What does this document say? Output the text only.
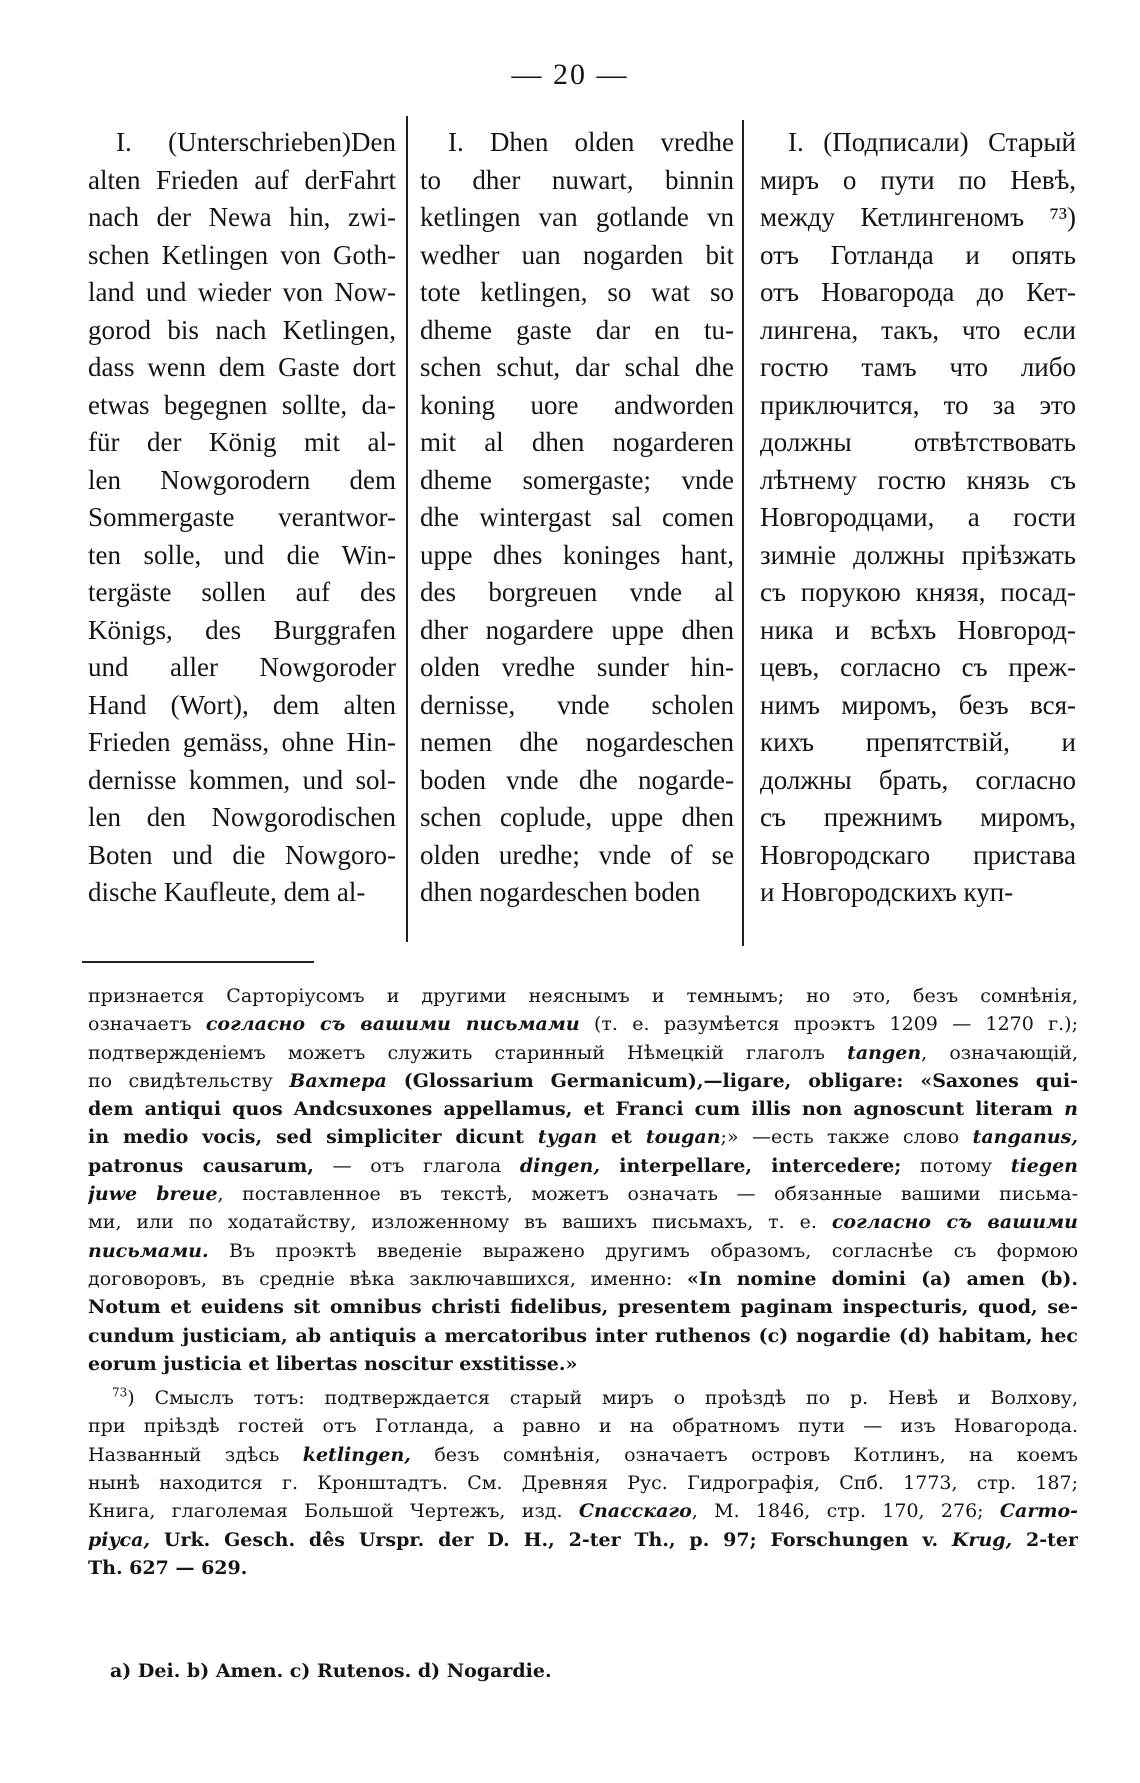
— 20 —
I. (Unterschrieben)Den
alten Frieden auf derFahrt
nach der Newa hin, zwi-
schen Ketlingen von Goth-
land und wieder von Now-
gorod bis nach Ketlingen,
dass wenn dem Gaste dort
etwas begegnen sollte, da-
für der König mit al-
len Nowgorodern dem
Sommergaste verantwor-
ten solle, und die Win-
tergäste sollen auf des
Königs, des Burggrafen
und aller Nowgoroder
Hand (Wort), dem alten
Frieden gemäss, ohne Hin-
dernisse kommen, und sol-
len den Nowgorodischen
Boten und die Nowgoro-
dische Kaufleute, dem al-
I. Dhen olden vredhe
to dher nuwart, binnin
ketlingen van gotlande vn
wedher uan nogarden bit
tote ketlingen, so wat so
dheme gaste dar en tu-
schen schut, dar schal dhe
koning uore andworden
mit al dhen nogarderen
dheme somergaste; vnde
dhe wintergast sal comen
uppe dhes koninges hant,
des borgreuen vnde al
dher nogardere uppe dhen
olden vredhe sunder hin-
dernisse, vnde scholen
nemen dhe nogardeschen
boden vnde dhe nogarde-
schen coplude, uppe dhen
olden uredhe; vnde of se
dhen nogardeschen boden
I. (Подписали) Старый
миръ о пути по Невѣ,
между Кетлингеномъ ⁷³)
отъ Готланда и опять
отъ Новагорода до Кет-
лингена, такъ, что если
гостю тамъ что либо
приключится, то за это
должны отвѣтствовать
лѣтнему гостю князь съ
Новгородцами, а гости
зимніе должны прiѣзжать
съ порукою князя, посад-
ника и всѣхъ Новгород-
цевъ, согласно съ преж-
нимъ миромъ, безъ вся-
кихъ препятствій, и
должны брать, согласно
съ прежнимъ миромъ,
Новгородскаго пристава
и Новгородскихъ куп-
признается Сарторіусомъ и другими неяснымъ и темнымъ; но это, безъ сомнѣнія,
означаетъ согласно съ вашими письмами (т. е. разумѣется проэктъ 1209 — 1270 г.);
подтвержденіемъ можетъ служить старинный Нѣмецкій глаголъ tangen, означающій,
по свидѣтельству Вахтера (Glossarium Germanicum),—ligare, obligare: «Saxones qui-
dem antiqui quos Andcsuxones appellamus, et Franci cum illis non agnoscunt literam n
in medio vocis, sed simpliciter dicunt tygan et tougan;» —есть также слово tanganus,
patronus causarum, — отъ глагола dingen, interpellare, intercedere; потому tiegen
juwe breue, поставленное въ текстѣ, можетъ означать — обязанные вашими письма-
ми, или по ходатайству, изложенному въ вашихъ письмахъ, т. е. согласно съ вашими
письмами. Въ проэктѣ введеніе выражено другимъ образомъ, согласнѣе съ формою
договоровъ, въ средніе вѣка заключавшихся, именно: «In nomine domini (a) amen (b).
Notum et euidens sit omnibus christi fidelibus, presentem paginam inspecturis, quod, se-
cundum justiciam, ab antiquis a mercatoribus inter ruthenos (c) nogardie (d) habitam, hec
eorum justicia et libertas noscitur exstitisse.»
$^{73}$) Смыслъ тотъ: подтверждается старый миръ о проѣздѣ по р. Невѣ и Волхову,
при прiѣздѣ гостей отъ Готланда, а равно и на обратномъ пути — изъ Новагорода.
Названный здѣсь ketlingen, безъ сомнѣнія, означаетъ островъ Котлинъ, на коемъ
нынѣ находится г. Кронштадтъ. См. Древняя Рус. Гидрографія, Спб. 1773, стр. 187;
Книга, глаголемая Большой Чертежъ, изд. Спасскаго, М. 1846, стр. 170, 276; Carmo-
piyca, Urk. Gesch. dês Urspr. der D. H., 2-ter Th., p. 97; Forschungen v. Krug, 2-ter
Th. 627 — 629.
a) Dei. b) Amen. c) Rutenos. d) Nogardie.
